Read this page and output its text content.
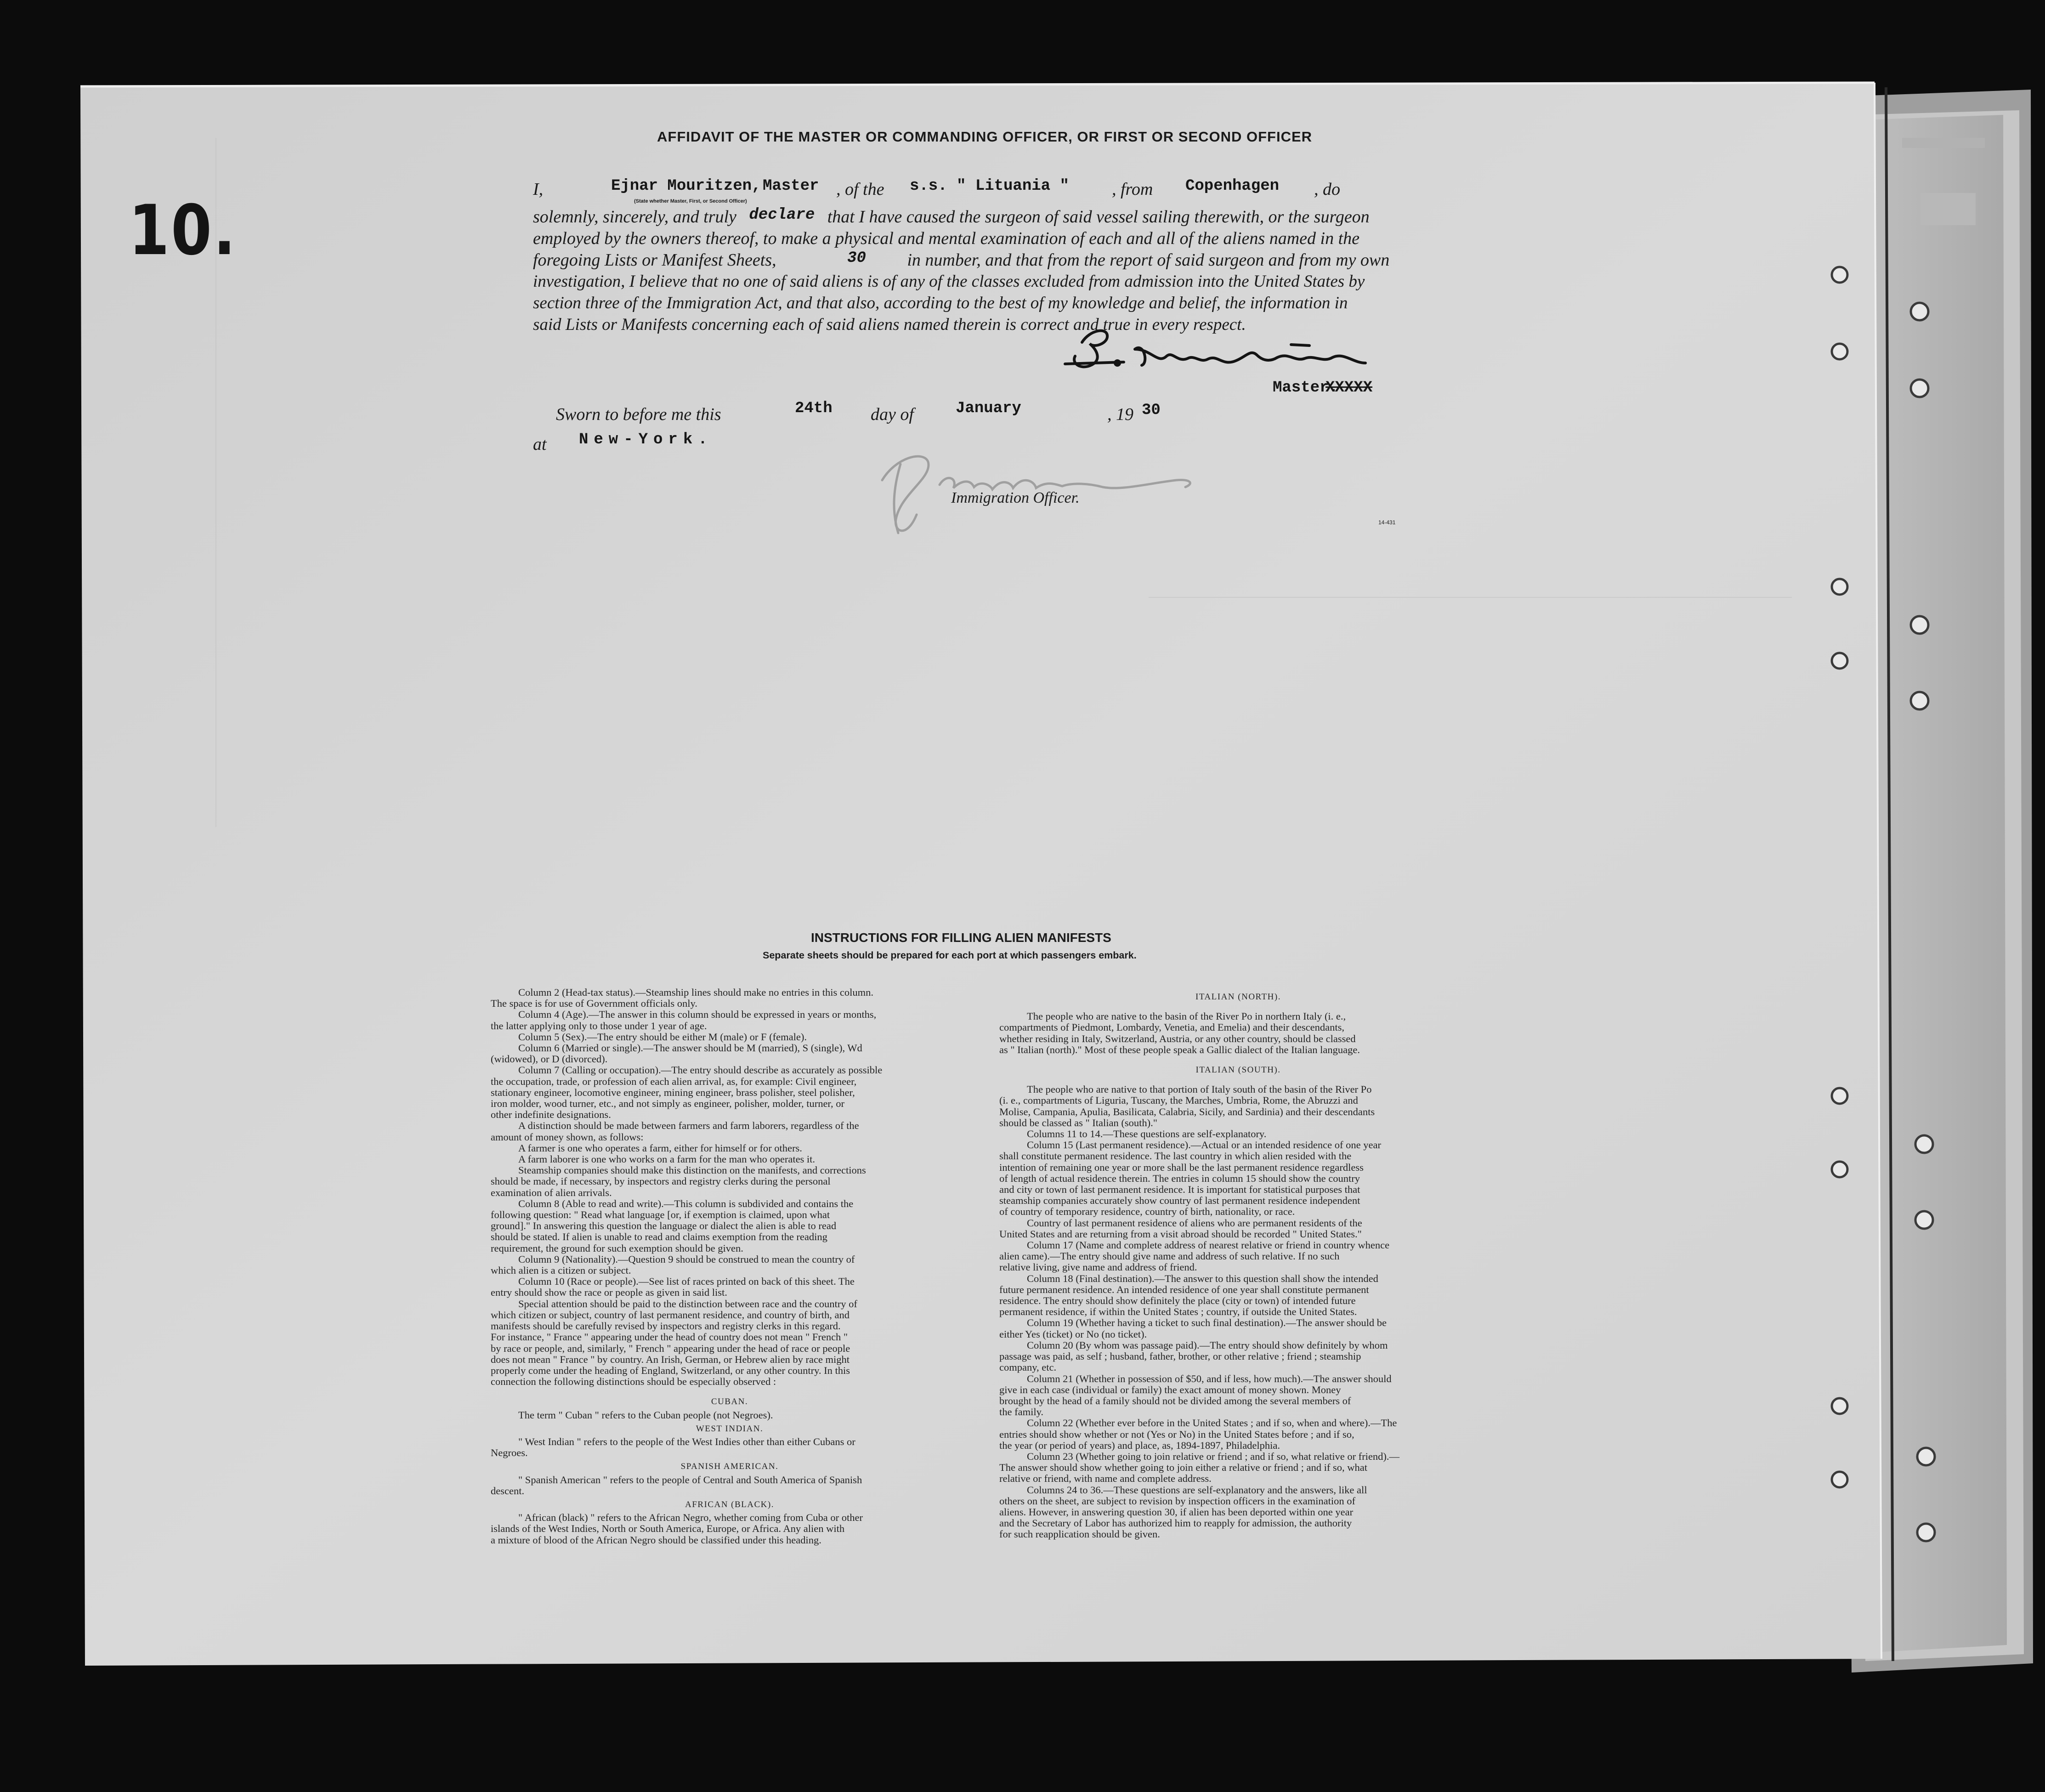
10.
AFFIDAVIT OF THE MASTER OR COMMANDING OFFICER, OR FIRST OR SECOND OFFICER
I,	Ejnar Mouritzen, Master , of the s.s. " Lituania " , from Copenhagen , do
(State whether Master, First, or Second Officer)
solemnly, sincerely, and truly declare that I have caused the surgeon of said vessel sailing therewith, or the surgeon
employed by the owners thereof, to make a physical and mental examination of each and all of the aliens named in the
foregoing Lists or Manifest Sheets,	30 in number, and that from the report of said surgeon and from my own
investigation, I believe that no one of said aliens is of any of the classes excluded from admission into the United States by
section three of the Immigration Act, and that also, according to the best of my knowledge and belief, the information in
said Lists or Manifests concerning each of said aliens named therein is correct and true in every respect.
Master.
XXXXX
Sworn to before me this	24th day of	January	, 19 30
at New-York.
Immigration Officer.
14-431
INSTRUCTIONS FOR FILLING ALIEN MANIFESTS
Separate sheets should be prepared for each port at which passengers embark.

Column 2 (Head-tax status).—Steamship lines should make no entries in this column.

The space is for use of Government officials only.

Column 4 (Age).—The answer in this column should be expressed in years or months,

the latter applying only to those under 1 year of age.

Column 5 (Sex).—The entry should be either M (male) or F (female).

Column 6 (Married or single).—The answer should be M (married), S (single), Wd

(widowed), or D (divorced).

Column 7 (Calling or occupation).—The entry should describe as accurately as possible

the occupation, trade, or profession of each alien arrival, as, for example: Civil engineer,

stationary engineer, locomotive engineer, mining engineer, brass polisher, steel polisher,

iron molder, wood turner, etc., and not simply as engineer, polisher, molder, turner, or

other indefinite designations.

A distinction should be made between farmers and farm laborers, regardless of the

amount of money shown, as follows:

A farmer is one who operates a farm, either for himself or for others.

A farm laborer is one who works on a farm for the man who operates it.

Steamship companies should make this distinction on the manifests, and corrections

should be made, if necessary, by inspectors and registry clerks during the personal

examination of alien arrivals.

Column 8 (Able to read and write).—This column is subdivided and contains the

following question: " Read what language [or, if exemption is claimed, upon what

ground]." In answering this question the language or dialect the alien is able to read

should be stated. If alien is unable to read and claims exemption from the reading

requirement, the ground for such exemption should be given.

Column 9 (Nationality).—Question 9 should be construed to mean the country of

which alien is a citizen or subject.

Column 10 (Race or people).—See list of races printed on back of this sheet. The

entry should show the race or people as given in said list.

Special attention should be paid to the distinction between race and the country of

which citizen or subject, country of last permanent residence, and country of birth, and

manifests should be carefully revised by inspectors and registry clerks in this regard.

For instance, " France " appearing under the head of country does not mean " French "

by race or people, and, similarly, " French " appearing under the head of race or people

does not mean " France " by country. An Irish, German, or Hebrew alien by race might

properly come under the heading of England, Switzerland, or any other country. In this

connection the following distinctions should be especially observed :

CUBAN.

The term " Cuban " refers to the Cuban people (not Negroes).

WEST INDIAN.

" West Indian " refers to the people of the West Indies other than either Cubans or

Negroes.

SPANISH AMERICAN.

" Spanish American " refers to the people of Central and South America of Spanish

descent.

AFRICAN (BLACK).

" African (black) " refers to the African Negro, whether coming from Cuba or other

islands of the West Indies, North or South America, Europe, or Africa. Any alien with

a mixture of blood of the African Negro should be classified under this heading.

ITALIAN (NORTH).

The people who are native to the basin of the River Po in northern Italy (i. e.,

compartments of Piedmont, Lombardy, Venetia, and Emelia) and their descendants,

whether residing in Italy, Switzerland, Austria, or any other country, should be classed

as " Italian (north)." Most of these people speak a Gallic dialect of the Italian language.

ITALIAN (SOUTH).

The people who are native to that portion of Italy south of the basin of the River Po

(i. e., compartments of Liguria, Tuscany, the Marches, Umbria, Rome, the Abruzzi and

Molise, Campania, Apulia, Basilicata, Calabria, Sicily, and Sardinia) and their descendants

should be classed as " Italian (south)."

Columns 11 to 14.—These questions are self-explanatory.

Column 15 (Last permanent residence).—Actual or an intended residence of one year

shall constitute permanent residence. The last country in which alien resided with the

intention of remaining one year or more shall be the last permanent residence regardless

of length of actual residence therein. The entries in column 15 should show the country

and city or town of last permanent residence. It is important for statistical purposes that

steamship companies accurately show country of last permanent residence independent

of country of temporary residence, country of birth, nationality, or race.

Country of last permanent residence of aliens who are permanent residents of the

United States and are returning from a visit abroad should be recorded " United States."

Column 17 (Name and complete address of nearest relative or friend in country whence

alien came).—The entry should give name and address of such relative. If no such

relative living, give name and address of friend.

Column 18 (Final destination).—The answer to this question shall show the intended

future permanent residence. An intended residence of one year shall constitute permanent

residence. The entry should show definitely the place (city or town) of intended future

permanent residence, if within the United States ; country, if outside the United States.

Column 19 (Whether having a ticket to such final destination).—The answer should be

either Yes (ticket) or No (no ticket).

Column 20 (By whom was passage paid).—The entry should show definitely by whom

passage was paid, as self ; husband, father, brother, or other relative ; friend ; steamship

company, etc.

Column 21 (Whether in possession of $50, and if less, how much).—The answer should

give in each case (individual or family) the exact amount of money shown. Money

brought by the head of a family should not be divided among the several members of

the family.

Column 22 (Whether ever before in the United States ; and if so, when and where).—The

entries should show whether or not (Yes or No) in the United States before ; and if so,

the year (or period of years) and place, as, 1894-1897, Philadelphia.

Column 23 (Whether going to join relative or friend ; and if so, what relative or friend).—

The answer should show whether going to join either a relative or friend ; and if so, what

relative or friend, with name and complete address.

Columns 24 to 36.—These questions are self-explanatory and the answers, like all

others on the sheet, are subject to revision by inspection officers in the examination of

aliens. However, in answering question 30, if alien has been deported within one year

and the Secretary of Labor has authorized him to reapply for admission, the authority

for such reapplication should be given.
